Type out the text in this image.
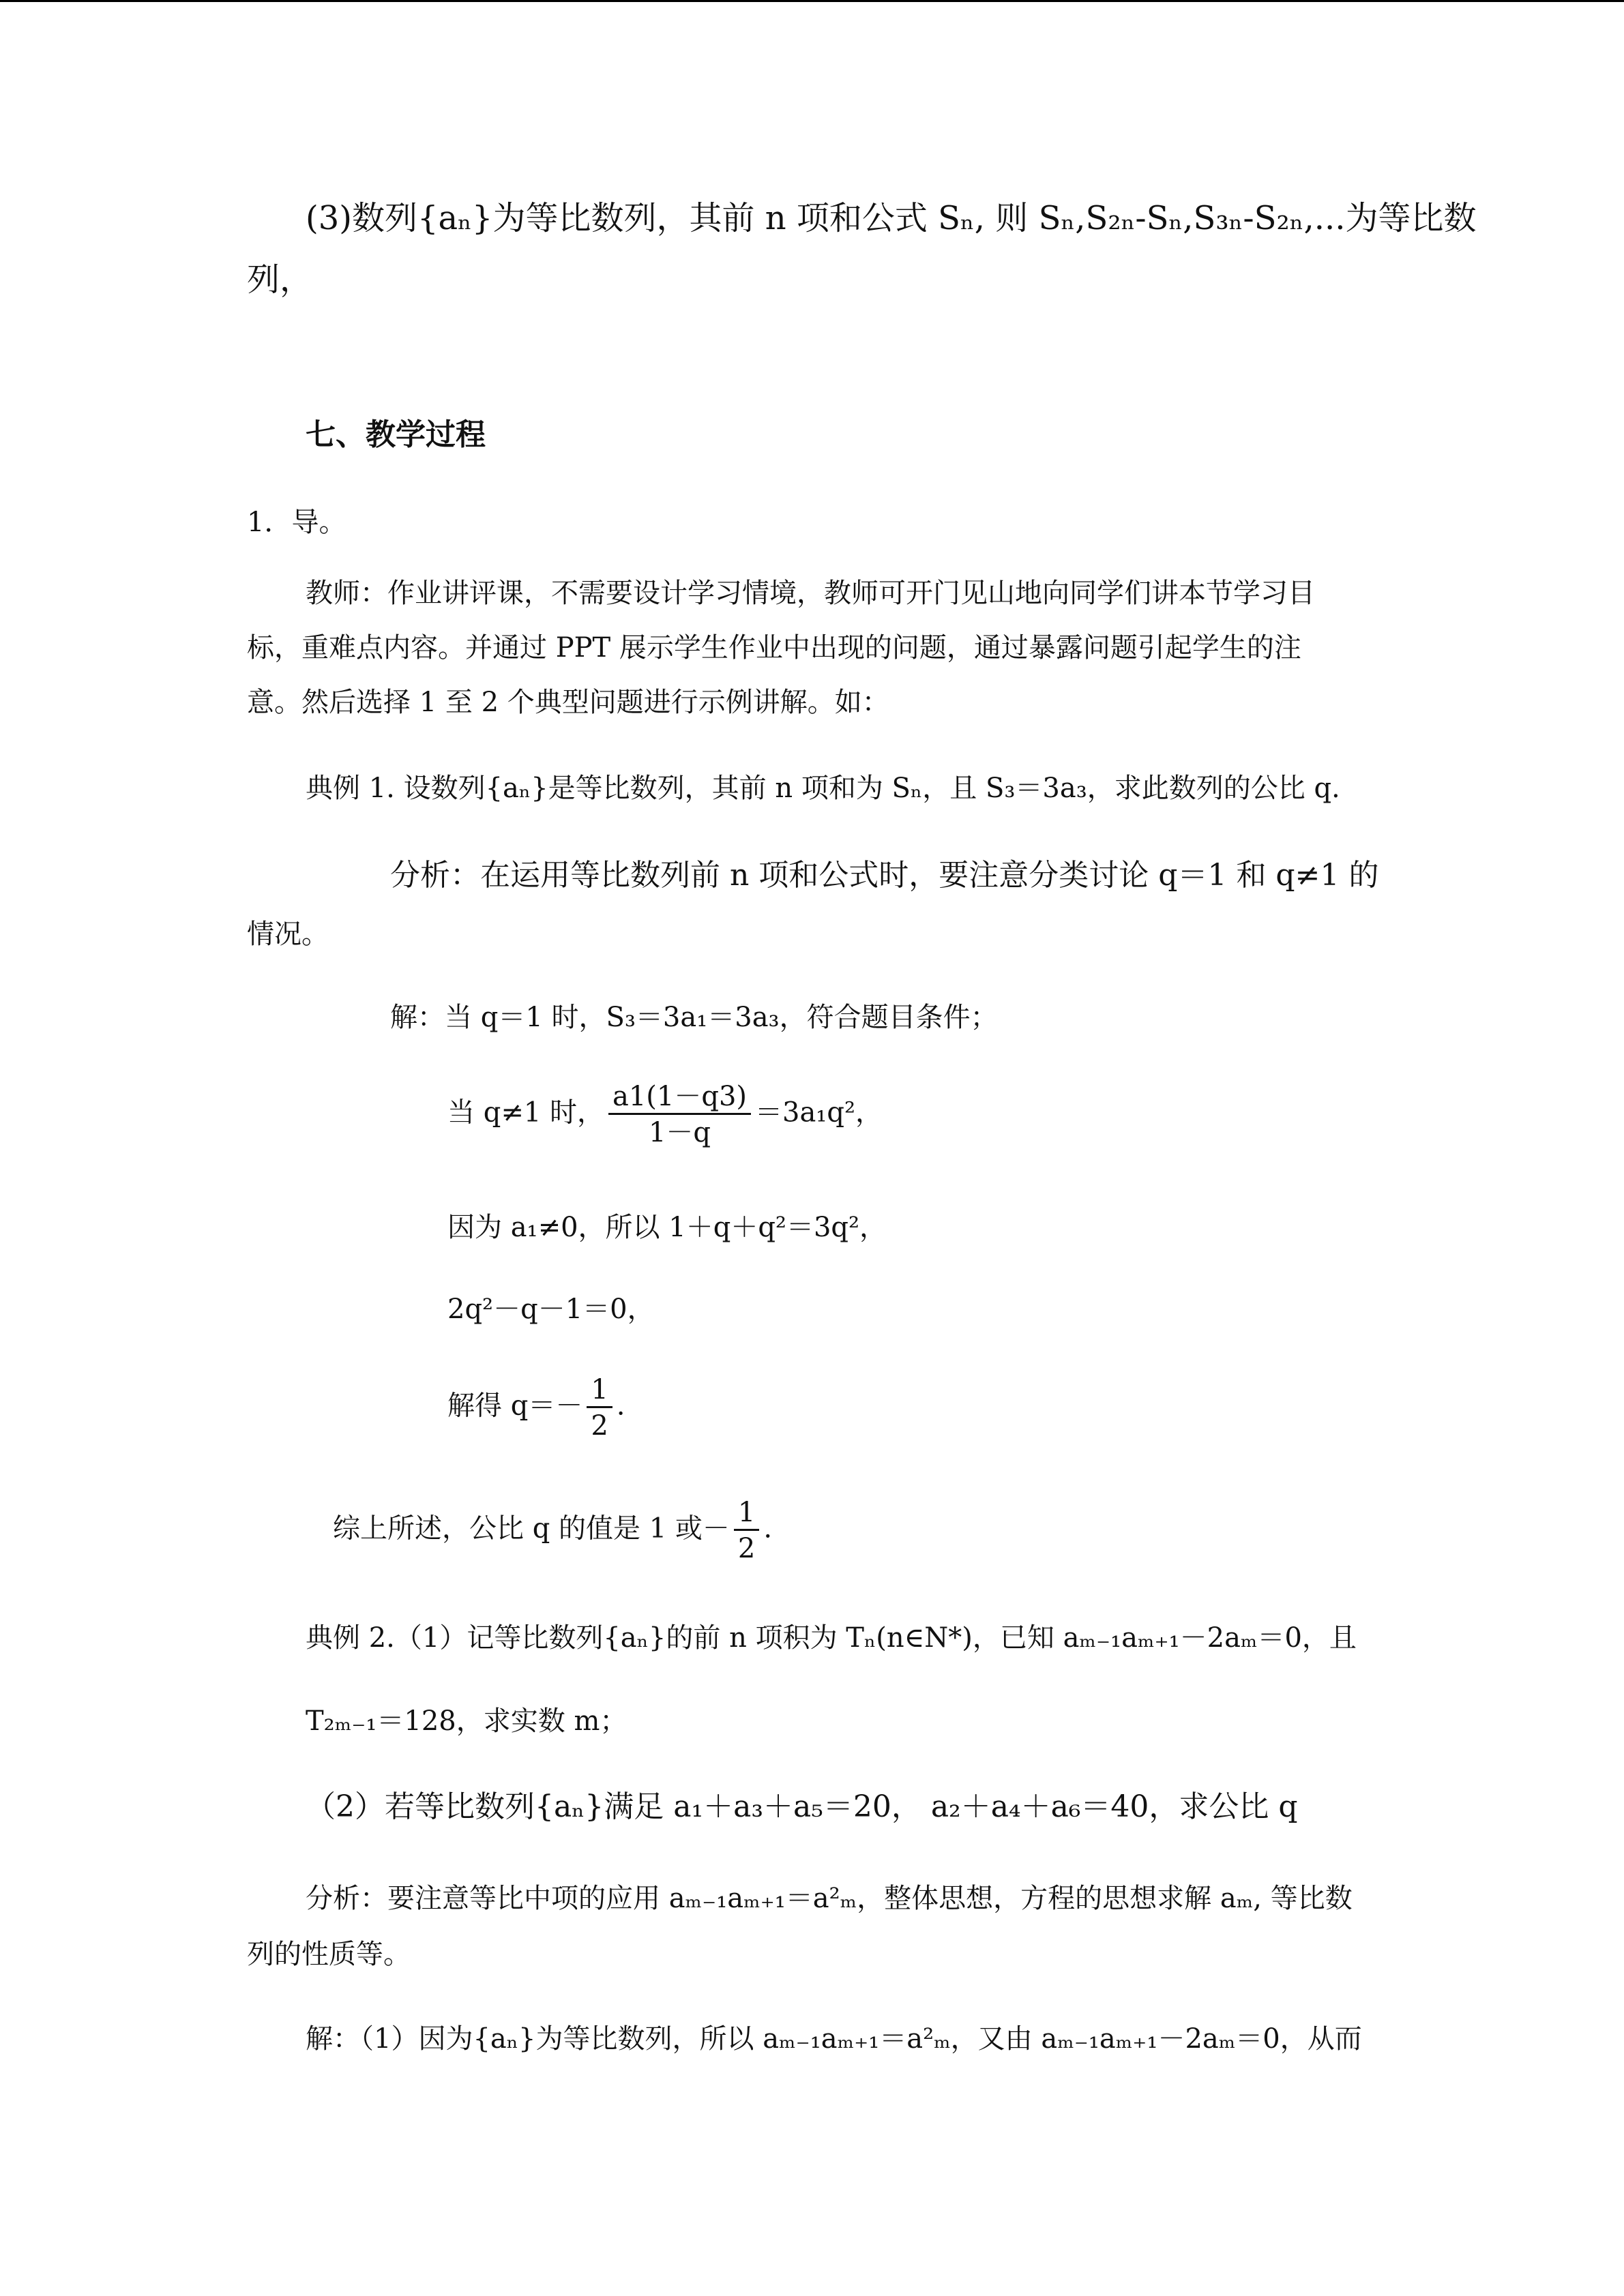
(3)数列{aₙ}为等比数列，其前 n 项和公式 Sₙ, 则 Sₙ,S₂ₙ-Sₙ,S₃ₙ-S₂ₙ,...为等比数
列，
七、教学过程
1．导。
教师：作业讲评课，不需要设计学习情境，教师可开门见山地向同学们讲本节学习目
标，重难点内容。并通过 PPT 展示学生作业中出现的问题，通过暴露问题引起学生的注
意。然后选择 1 至 2 个典型问题进行示例讲解。如：
典例 1. 设数列{aₙ}是等比数列，其前 n 项和为 Sₙ，且 S₃＝3a₃，求此数列的公比 q.
分析：在运用等比数列前 n 项和公式时，要注意分类讨论 q＝1 和 q≠1 的
情况。
解：当 q＝1 时，S₃＝3a₁＝3a₃，符合题目条件；
当 q≠1 时， $\frac{a1(1-q3)}{1-q} =3a_1q^2$，
因为 a₁≠0，所以 1＋q＋q²＝3q²，
2q²－q－1＝0，
解得 $q=- \frac{1}{2}$ .
综上所述，公比 q 的值是 1 或－ $\frac{1}{2}$ .
典例 2.（1）记等比数列{aₙ}的前 n 项积为 Tₙ(n∈N*)，已知 aₘ₋₁aₘ₊₁－2aₘ＝0，且
T₂ₘ₋₁＝128，求实数 m；
（2）若等比数列{aₙ}满足 a₁＋a₃＋a₅＝20， a₂＋a₄＋a₆＝40，求公比 q
分析：要注意等比中项的应用 aₘ₋₁aₘ₊₁＝a²ₘ，整体思想，方程的思想求解 aₘ, 等比数
列的性质等。
解：（1）因为{aₙ}为等比数列，所以 aₘ₋₁aₘ₊₁＝a²ₘ，又由 aₘ₋₁aₘ₊₁－2aₘ＝0，从而
